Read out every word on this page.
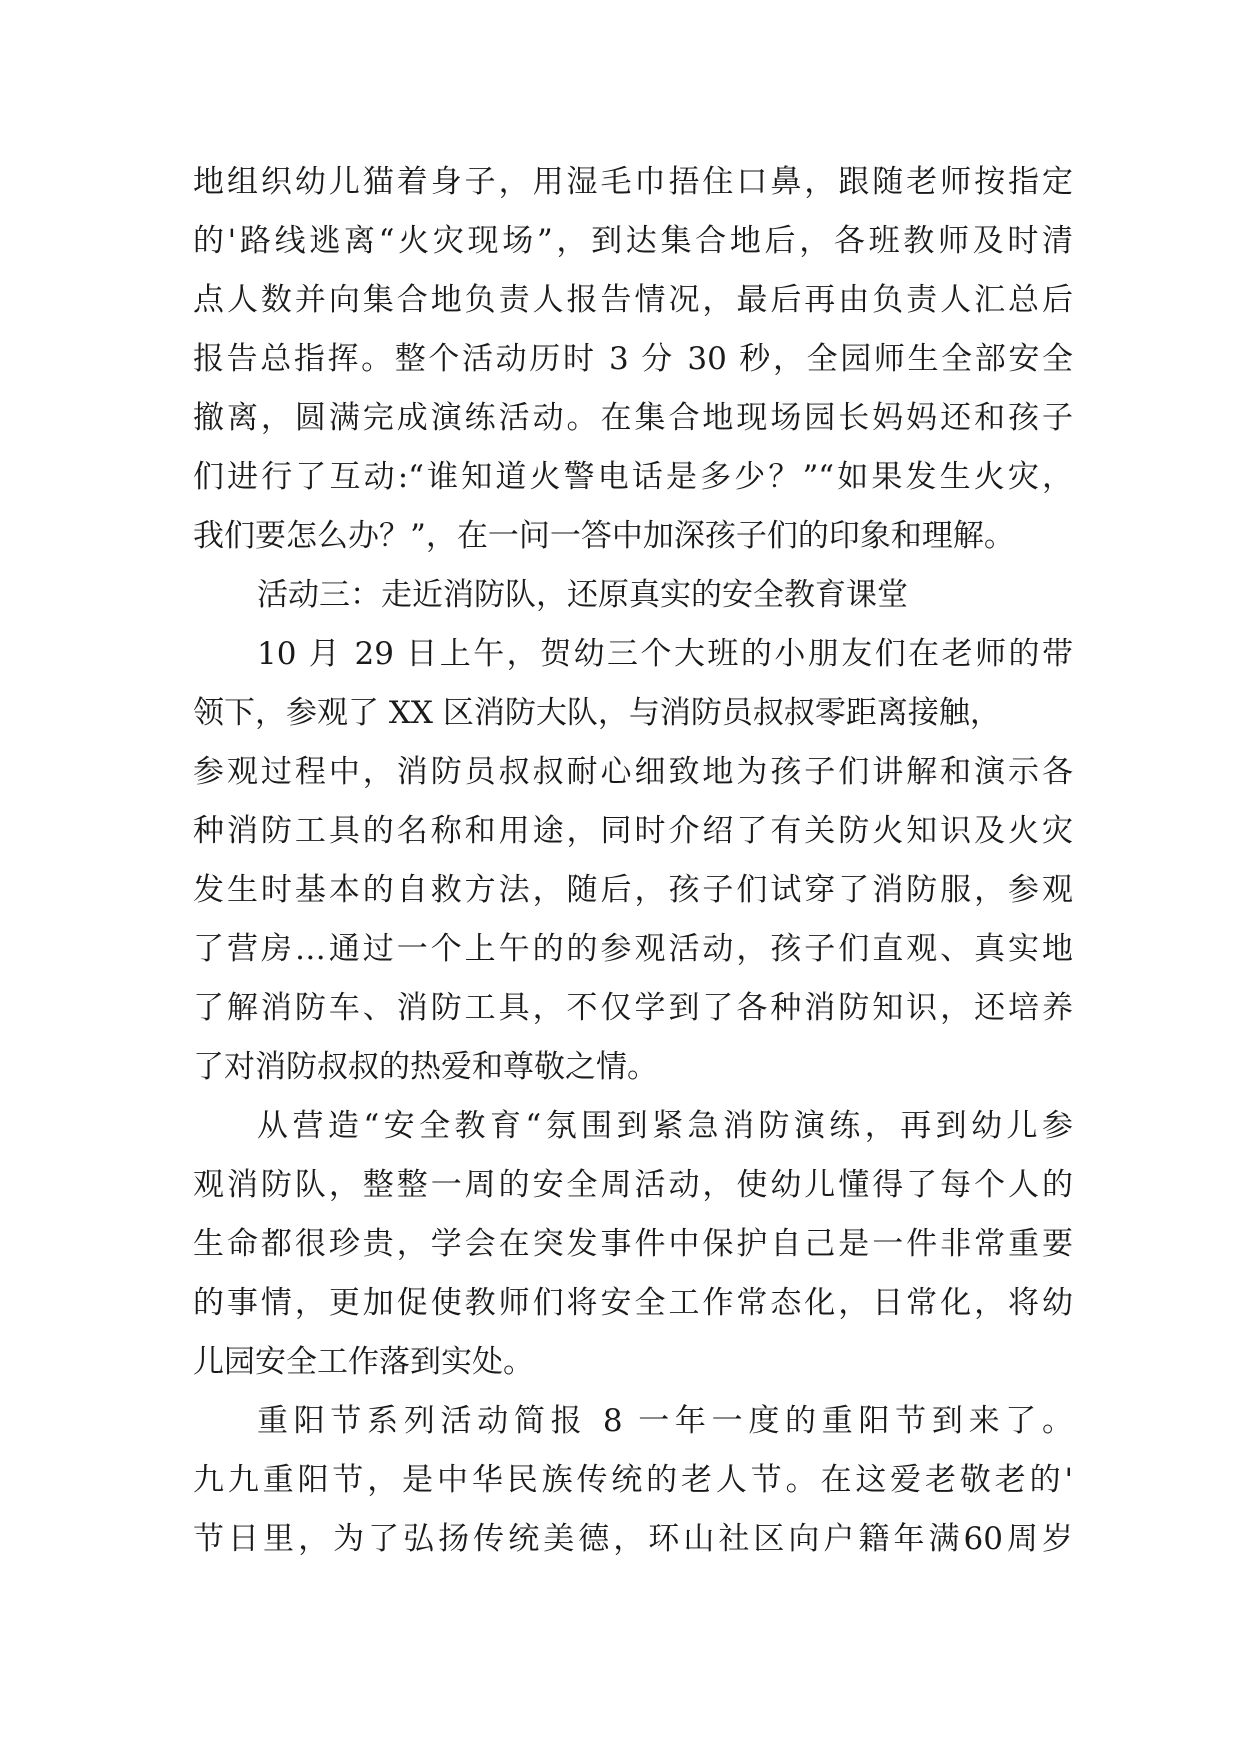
地组织幼儿猫着身子，用湿毛巾捂住口鼻，跟随老师按指定
的'路线逃离“火灾现场”，到达集合地后，各班教师及时清
点人数并向集合地负责人报告情况，最后再由负责人汇总后
报告总指挥。整个活动历时 3 分 30 秒，全园师生全部安全
撤离，圆满完成演练活动。在集合地现场园长妈妈还和孩子
们进行了互动:“谁知道火警电话是多少？”“如果发生火灾，
我们要怎么办？”，在一问一答中加深孩子们的印象和理解。
活动三：走近消防队，还原真实的安全教育课堂
10 月 29 日上午，贺幼三个大班的小朋友们在老师的带
领下，参观了 XX 区消防大队，与消防员叔叔零距离接触，
参观过程中，消防员叔叔耐心细致地为孩子们讲解和演示各
种消防工具的名称和用途，同时介绍了有关防火知识及火灾
发生时基本的自救方法，随后，孩子们试穿了消防服，参观
了营房…通过一个上午的的参观活动，孩子们直观、真实地
了解消防车、消防工具，不仅学到了各种消防知识，还培养
了对消防叔叔的热爱和尊敬之情。
从营造“安全教育“氛围到紧急消防演练，再到幼儿参
观消防队，整整一周的安全周活动，使幼儿懂得了每个人的
生命都很珍贵，学会在突发事件中保护自己是一件非常重要
的事情，更加促使教师们将安全工作常态化，日常化，将幼
儿园安全工作落到实处。
重阳节系列活动简报 8 一年一度的重阳节到来了。
九九重阳节，是中华民族传统的老人节。在这爱老敬老的'
节日里，为了弘扬传统美德，环山社区向户籍年满60周岁
